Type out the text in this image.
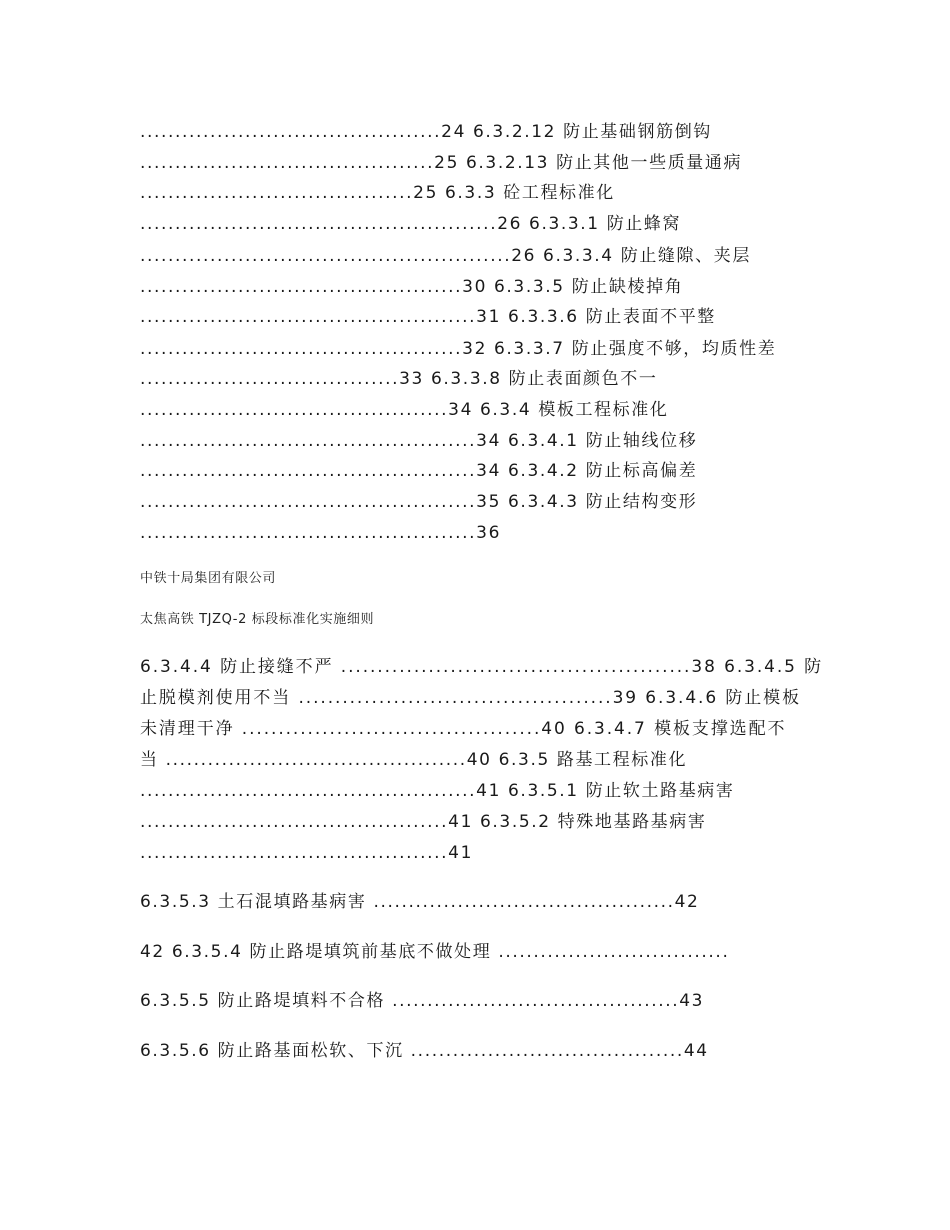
...........................................24 6.3.2.12 防止基础钢筋倒钩
..........................................25 6.3.2.13 防止其他一些质量通病
.......................................25 6.3.3 砼工程标准化
...................................................26 6.3.3.1 防止蜂窝
.....................................................26 6.3.3.4 防止缝隙、夹层
..............................................30 6.3.3.5 防止缺棱掉角
................................................31 6.3.3.6 防止表面不平整
..............................................32 6.3.3.7 防止强度不够，均质性差
.....................................33 6.3.3.8 防止表面颜色不一
............................................34 6.3.4 模板工程标准化
................................................34 6.3.4.1 防止轴线位移
................................................34 6.3.4.2 防止标高偏差
................................................35 6.3.4.3 防止结构变形
................................................36
中铁十局集团有限公司
太焦高铁 TJZQ-2 标段标准化实施细则
6.3.4.4 防止接缝不严 ................................................38 6.3.4.5 防
止脱模剂使用不当 ...........................................39 6.3.4.6 防止模板
未清理干净 .........................................40 6.3.4.7 模板支撑选配不
当 ...........................................40 6.3.5 路基工程标准化
................................................41 6.3.5.1 防止软土路基病害
............................................41 6.3.5.2 特殊地基路基病害
............................................41
6.3.5.3 土石混填路基病害 ...........................................42
42 6.3.5.4 防止路堤填筑前基底不做处理 .................................
6.3.5.5 防止路堤填料不合格 .........................................43
6.3.5.6 防止路基面松软、下沉 .......................................44
